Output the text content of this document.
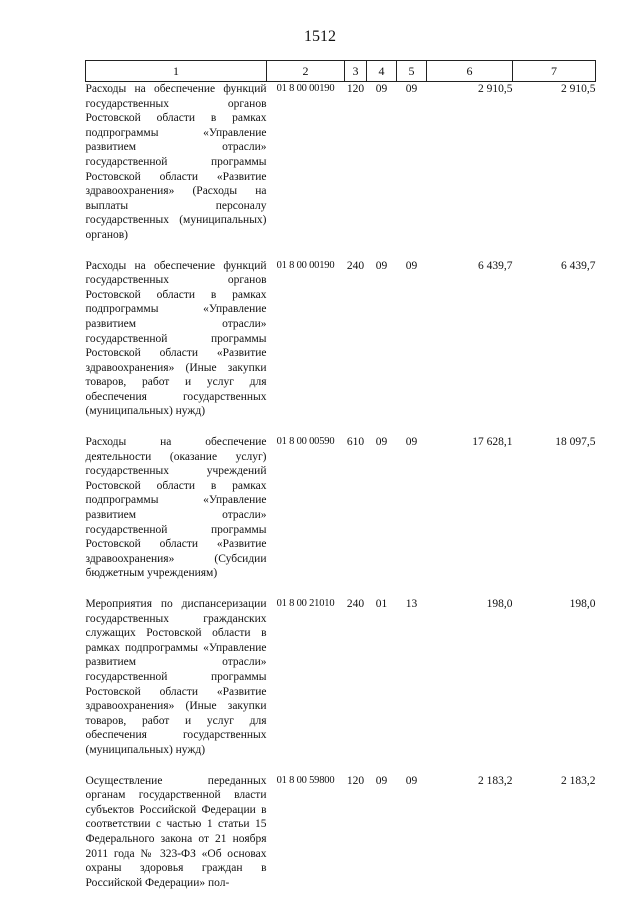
1512
1	2	3	4	5	6	7
Расходы на обеспечение функций государственных органов Ростовской области в рамках подпрограммы «Управление развитием отрасли» государственной программы Ростовской области «Развитие здравоохранения» (Расходы на выплаты персоналу государственных (муниципальных) органов)	01 8 00 00190	120	09	09	2 910,5	2 910,5
Расходы на обеспечение функций государственных органов Ростовской области в рамках подпрограммы «Управление развитием отрасли» государственной программы Ростовской области «Развитие здравоохранения» (Иные закупки товаров, работ и услуг для обеспечения государственных (муниципальных) нужд)	01 8 00 00190	240	09	09	6 439,7	6 439,7
Расходы на обеспечение деятельности (оказание услуг) государственных учреждений Ростовской области в рамках подпрограммы «Управление развитием отрасли» государственной программы Ростовской области «Развитие здравоохранения» (Субсидии бюджетным учреждениям)	01 8 00 00590	610	09	09	17 628,1	18 097,5
Мероприятия по диспансеризации государственных гражданских служащих Ростовской области в рамках подпрограммы «Управление развитием отрасли» государственной программы Ростовской области «Развитие здравоохранения» (Иные закупки товаров, работ и услуг для обеспечения государственных (муниципальных) нужд)	01 8 00 21010	240	01	13	198,0	198,0
Осуществление переданных органам государственной власти субъектов Российской Федерации в соответствии с частью 1 статьи 15 Федерального закона от 21 ноября 2011 года № 323-ФЗ «Об основах охраны здоровья граждан в Российской Федерации» пол-	01 8 00 59800	120	09	09	2 183,2	2 183,2
